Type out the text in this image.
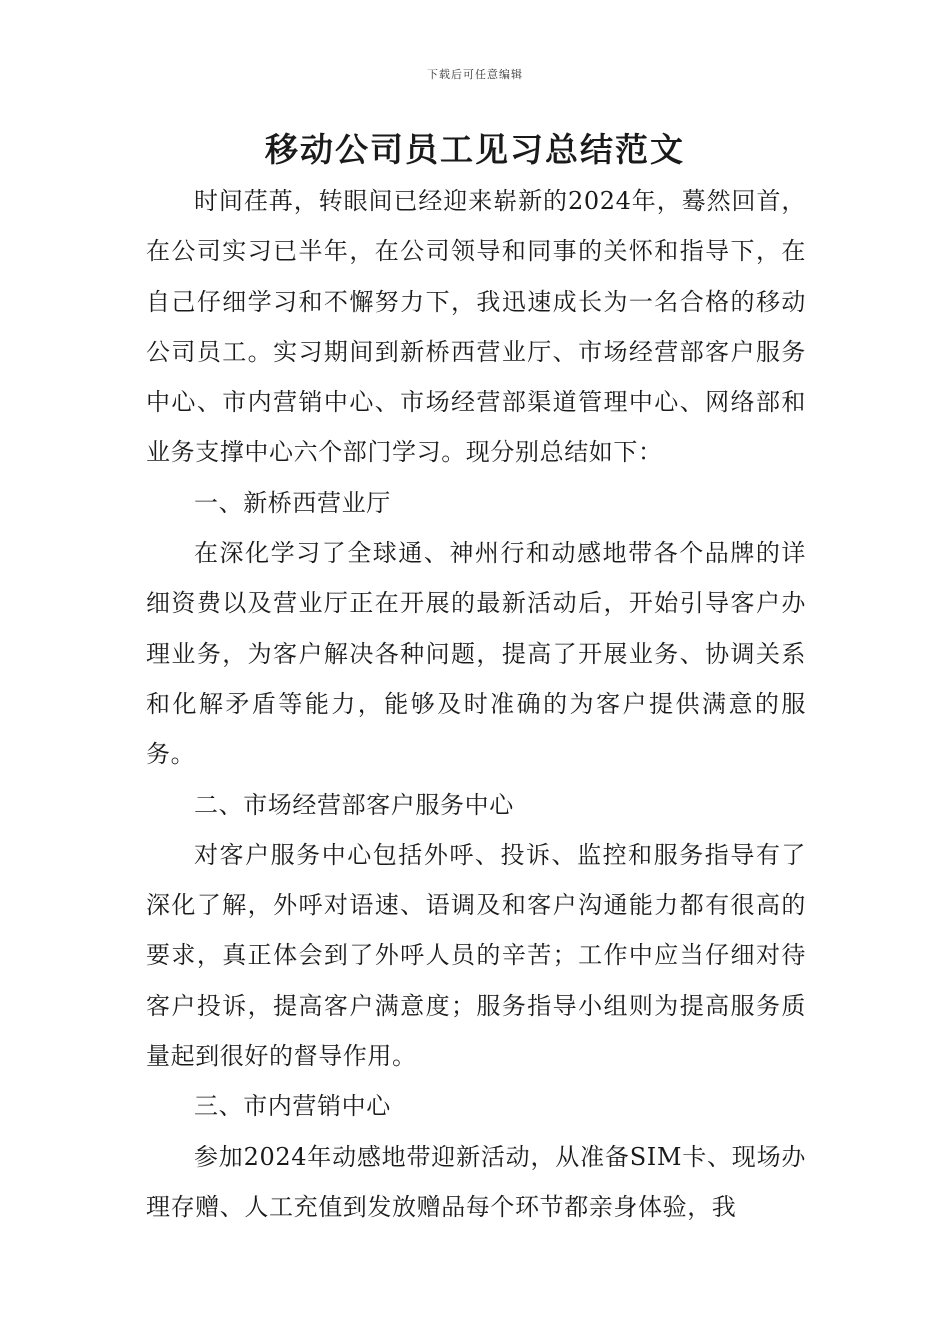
下载后可任意编辑
移动公司员工见习总结范文

时间荏苒，转眼间已经迎来崭新的2024年，蓦然回首，在公司实习已半年，在公司领导和同事的关怀和指导下，在自己仔细学习和不懈努力下，我迅速成长为一名合格的移动公司员工。实习期间到新桥西营业厅、市场经营部客户服务中心、市内营销中心、市场经营部渠道管理中心、网络部和业务支撑中心六个部门学习。现分别总结如下：

一、新桥西营业厅

在深化学习了全球通、神州行和动感地带各个品牌的详细资费以及营业厅正在开展的最新活动后，开始引导客户办理业务，为客户解决各种问题，提高了开展业务、协调关系和化解矛盾等能力，能够及时准确的为客户提供满意的服务。

二、市场经营部客户服务中心

对客户服务中心包括外呼、投诉、监控和服务指导有了深化了解，外呼对语速、语调及和客户沟通能力都有很高的要求，真正体会到了外呼人员的辛苦；工作中应当仔细对待客户投诉，提高客户满意度；服务指导小组则为提高服务质量起到很好的督导作用。

三、市内营销中心

参加2024年动感地带迎新活动，从准备SIM卡、现场办理存赠、人工充值到发放赠品每个环节都亲身体验，我
